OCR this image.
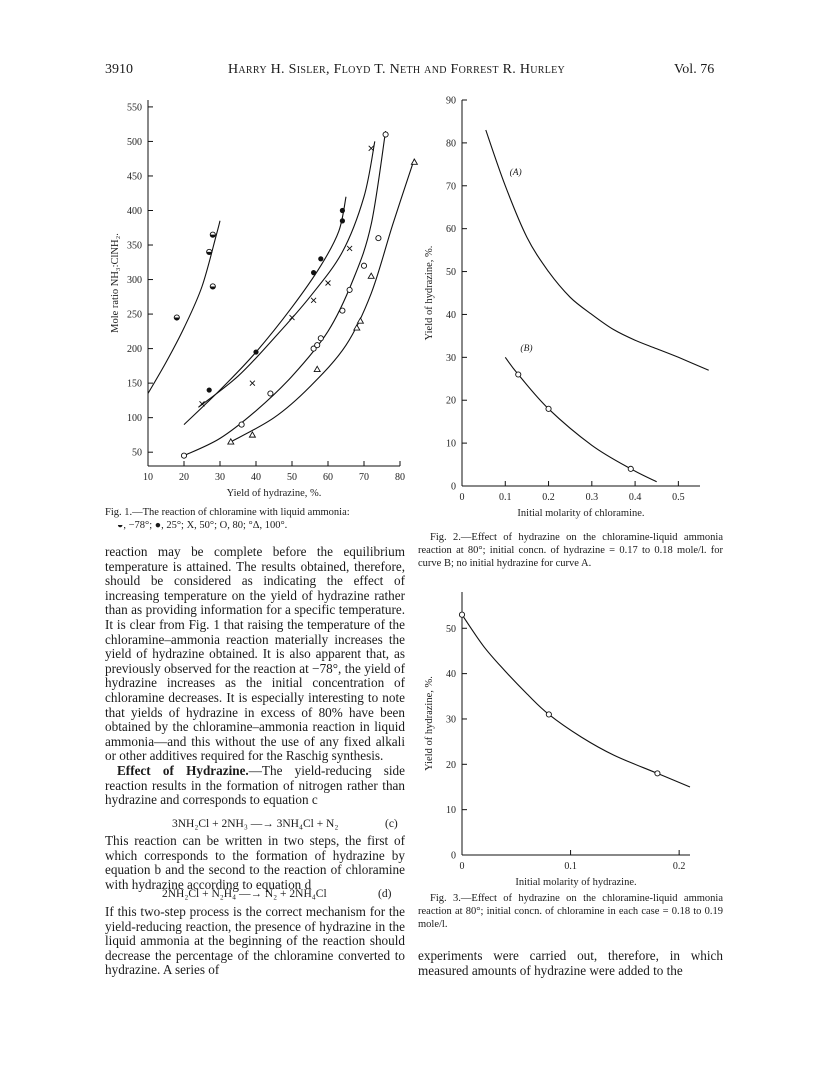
3910	Harry H. Sisler, Floyd T. Neth and Forrest R. Hurley	Vol. 76
50
100
150
200
250
300
350
400
450
500
550
10	20	30	40	50	60	70	80
Yield of hydrazine, %.
Mole ratio NH₃:ClNH₂.
Fig. 1.—The reaction of chloramine with liquid ammonia:
◒, −78°; ●, 25°; X, 50°; O, 80; °Δ, 100°.
0
10
20
30
40
50
60
70
80
90
0	0.1	0.2	0.3	0.4	0.5
Initial molarity of chloramine.
Yield of hydrazine, %.
(A)
(B)
Fig. 2.—Effect of hydrazine on the chloramine-liquid ammonia reaction at 80°; initial concn. of hydrazine = 0.17 to 0.18 mole/l. for curve B; no initial hydrazine for curve A.
0
10
20
30
40
50
0	0.1	0.2
Initial molarity of hydrazine.
Yield of hydrazine, %.
Fig. 3.—Effect of hydrazine on the chloramine-liquid ammonia reaction at 80°; initial concn. of chloramine in each case = 0.18 to 0.19 mole/l.

reaction may be complete before the equilibrium temperature is attained. The results obtained, therefore, should be considered as indicating the effect of increasing temperature on the yield of hydrazine rather than as providing information for a specific temperature. It is clear from Fig. 1 that raising the temperature of the chloramine–ammonia reaction materially increases the yield of hydrazine obtained. It is also apparent that, as previously observed for the reaction at −78°, the yield of hydrazine increases as the initial concentration of chloramine decreases. It is especially interesting to note that yields of hydrazine in excess of 80% have been obtained by the chloramine–ammonia reaction in liquid ammonia—and this without the use of any fixed alkali or other additives required for the Raschig synthesis.

Effect of Hydrazine.—The yield-reducing side reaction results in the formation of nitrogen rather than hydrazine and corresponds to equation c

3NH₂Cl + 2NH₃ —→ 3NH₄Cl + N₂	(c)

This reaction can be written in two steps, the first of which corresponds to the formation of hydrazine by equation b and the second to the reaction of chloramine with hydrazine according to equation d

2NH₂Cl + N₂H₄ —→ N₂ + 2NH₄Cl	(d)

If this two-step process is the correct mechanism for the yield-reducing reaction, the presence of hydrazine in the liquid ammonia at the beginning of the reaction should decrease the percentage of the chloramine converted to hydrazine. A series of

experiments were carried out, therefore, in which measured amounts of hydrazine were added to the
